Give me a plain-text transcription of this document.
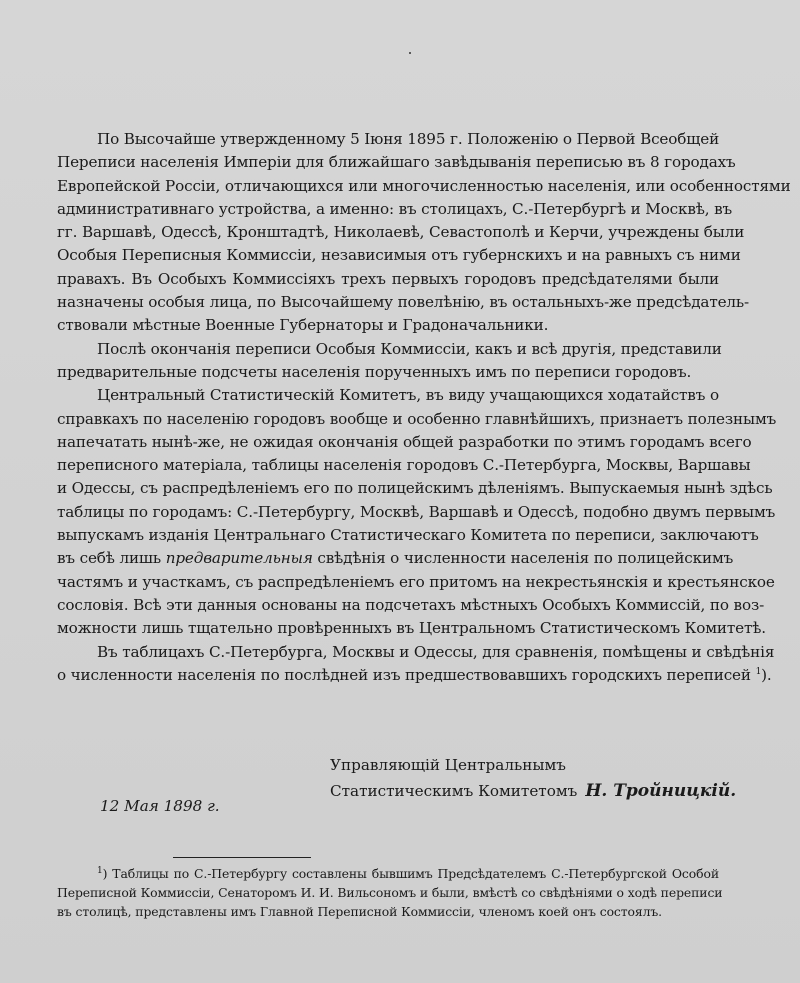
По Высочайше утвержденному 5 Іюня 1895 г. Положенію о Первой Всеобщей
Переписи населенія Имперіи для ближайшаго завѣдыванія переписью въ 8 городахъ
Европейской Россіи, отличающихся или многочисленностью населенія, или особенностями
административнаго устройства, а именно: въ столицахъ, С.-Петербургѣ и Москвѣ, въ
гг. Варшавѣ, Одессѣ, Кронштадтѣ, Николаевѣ, Севастополѣ и Керчи, учреждены были
Особыя Переписныя Коммиссіи, независимыя отъ губернскихъ и на равныхъ съ ними
правахъ. Въ Особыхъ Коммиссіяхъ трехъ первыхъ городовъ предсѣдателями были
назначены особыя лица, по Высочайшему повелѣнію, въ остальныхъ-же предсѣдатель-
ствовали мѣстные Военные Губернаторы и Градоначальники.
Послѣ окончанія переписи Особыя Коммиссіи, какъ и всѣ другія, представили
предварительные подсчеты населенія порученныхъ имъ по переписи городовъ.
Центральный Статистическій Комитетъ, въ виду учащающихся ходатайствъ о
справкахъ по населенію городовъ вообще и особенно главнѣйшихъ, признаетъ полезнымъ
напечатать нынѣ-же, не ожидая окончанія общей разработки по этимъ городамъ всего
переписного матеріала, таблицы населенія городовъ С.-Петербурга, Москвы, Варшавы
и Одессы, съ распредѣленіемъ его по полицейскимъ дѣленіямъ. Выпускаемыя нынѣ здѣсь
таблицы по городамъ: С.-Петербургу, Москвѣ, Варшавѣ и Одессѣ, подобно двумъ первымъ
выпускамъ изданія Центральнаго Статистическаго Комитета по переписи, заключаютъ
въ себѣ лишь предварительныя свѣдѣнія о численности населенія по полицейскимъ
частямъ и участкамъ, съ распредѣленіемъ его притомъ на некрестьянскія и крестьянское
сословія. Всѣ эти данныя основаны на подсчетахъ мѣстныхъ Особыхъ Коммиссій, по воз-
можности лишь тщательно провѣренныхъ въ Центральномъ Статистическомъ Комитетѣ.
Въ таблицахъ С.-Петербурга, Москвы и Одессы, для сравненія, помѣщены и свѣдѣнія
о численности населенія по послѣдней изъ предшествовавшихъ городскихъ переписей $^1$).
Управляющій Центральнымъ
Статистическимъ Комитетомъ Н. Тройницкій.
12 Мая 1898 г.
$^1$) Таблицы по С.-Петербургу составлены бывшимъ Предсѣдателемъ С.-Петербургской Особой
Переписной Коммиссіи, Сенаторомъ И. И. Вильсономъ и были, вмѣстѣ со свѣдѣніями о ходѣ переписи
въ столицѣ, представлены имъ Главной Переписной Коммиссіи, членомъ коей онъ состоялъ.
